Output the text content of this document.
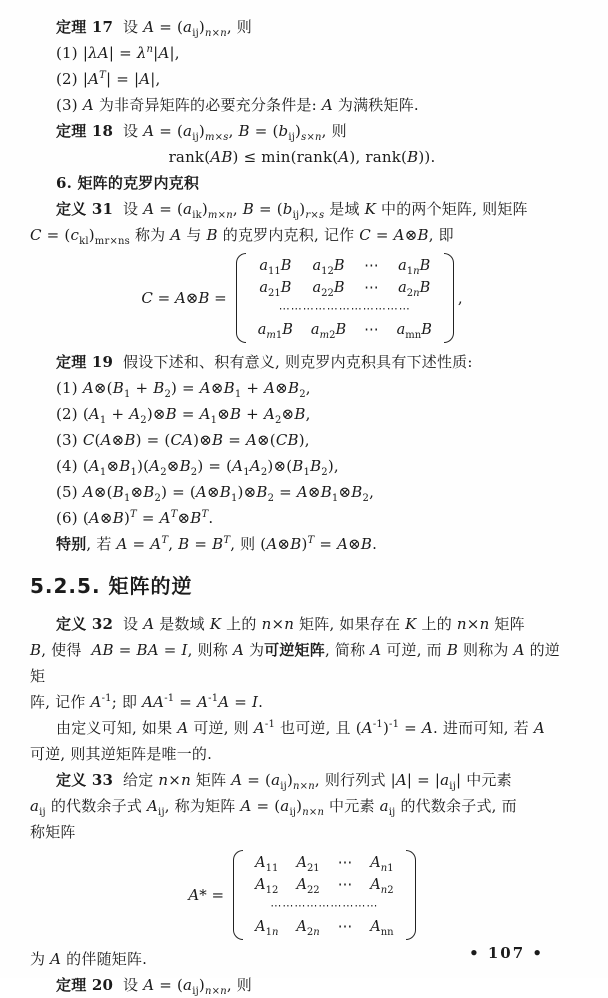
定理 17  设 $A = (a_{ij})_{n\times n}$, 则

(1) $|\lambda A| = \lambda^n|A|$,

(2) $|A^T| = |A|$,

(3) A 为非奇异矩阵的必要充分条件是: A 为满秩矩阵.

定理 18  设 $A = (a_{ij})_{m\times s}$, $B = (b_{ij})_{s\times n}$, 则

rank(AB) ≤ min(rank(A), rank(B)).

6. 矩阵的克罗内克积

定义 31  设 $A = (a_{ik})_{m\times n}$, $B = (b_{ij})_{r\times s}$ 是域 K 中的两个矩阵, 则矩阵

$C = (c_{kl})_{mr\times ns}$ 称为 A 与 B 的克罗内克积, 记作 C = A⊗B, 即

C = A⊗B =
$a_{11}B$	$a_{12}B$	⋯	$a_{1n}B$
$a_{21}B$	$a_{22}B$	⋯	$a_{2n}B$
⋯⋯⋯⋯⋯⋯⋯⋯⋯⋯⋯			
$a_{m1}B$	$a_{m2}B$	⋯	$a_{mn}B$
,

定理 19  假设下述和、积有意义, 则克罗内克积具有下述性质:

(1) $A\otimes(B_1 + B_2)$ = $A\otimes B_1$ + $A\otimes B_2$,

(2) ($A_1$ + $A_2)\otimes B$ = $A_1\otimes B$ + $A_2\otimes B$,

(3) C(A⊗B) = (CA)⊗B = A⊗(CB),

(4) $(A_1\otimes B_1)(A_2\otimes B_2)$ = $(A_1A_2)\otimes(B_1B_2)$,

(5) $A\otimes(B_1\otimes B_2)$ = $(A\otimes B_1)\otimes B_2$ = $A\otimes B_1\otimes B_2$,

(6) (A⊗B)$^T$ = $A^T\otimes B^T$.

特别, 若 $A = A^T$, $B = B^T$, 则 (A⊗B)$^T$ = A⊗B.

5.2.5. 矩阵的逆

定义 32  设 A 是数域 K 上的 n×n 矩阵, 如果存在 K 上的 n×n 矩阵

B, 使得  AB = BA = I, 则称 A 为可逆矩阵, 简称 A 可逆, 而 B 则称为 A 的逆矩

阵, 记作 $A^{-1}$; 即 $AA^{-1} = A^{-1}A = I$.

由定义可知, 如果 A 可逆, 则 $A^{-1}$ 也可逆, 且 $(A^{-1})^{-1} = A$. 进而可知, 若 A

可逆, 则其逆矩阵是唯一的.

定义 33  给定 n×n 矩阵 $A = (a_{ij})_{n\times n}$, 则行列式 $|A| = |a_{ij}|$ 中元素

$a_{ij}$ 的代数余子式 $A_{ij}$, 称为矩阵 $A = (a_{ij})_{n\times n}$ 中元素 $a_{ij}$ 的代数余子式, 而

称矩阵

A* =
$A_{11}$	$A_{21}$	⋯	$A_{n1}$
$A_{12}$	$A_{22}$	⋯	$A_{n2}$
⋯⋯⋯⋯⋯⋯⋯⋯⋯			
$A_{1n}$	$A_{2n}$	⋯	$A_{nn}$

为 A 的伴随矩阵.

定理 20  设 $A = (a_{ij})_{n\times n}$, 则

• 107 •
